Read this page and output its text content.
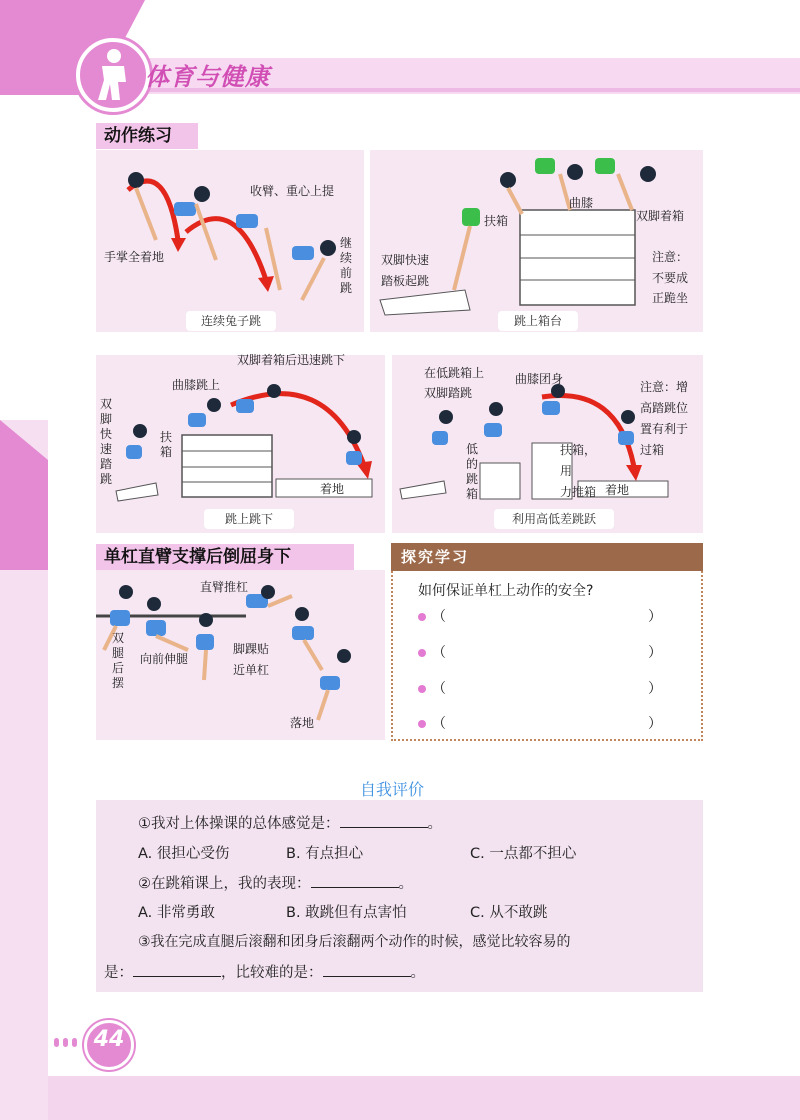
体育与健康
动作练习
收臂、重心上提
手掌全着地
继续前跳
连续兔子跳
曲膝
扶箱	双脚着箱
双脚快速
踏板起跳
注意：
不要成
正跪坐
跳上箱台
双脚着箱后迅速跳下
曲膝跳上
双脚快速踏跳
扶箱
着地
跳上跳下
在低跳箱上
双脚踏跳
曲膝团身
注意：增
高踏跳位
置有利于
过箱
低的跳箱
扶箱，用
力推箱 着地
利用高低差跳跃
单杠直臂支撑后倒屈身下
直臂推杠
双腿后摆
向前伸腿
脚踝贴
近单杠
落地
探究学习
如何保证单杠上动作的安全?
（	）
（	）
（	）
（	）
自我评价
①我对上体操课的总体感觉是：	。
A. 很担心受伤	B. 有点担心	C. 一点都不担心
②在跳箱课上，我的表现：	。
A. 非常勇敢	B. 敢跳但有点害怕	C. 从不敢跳
③我在完成直腿后滚翻和团身后滚翻两个动作的时候，感觉比较容易的
是：	，比较难的是：	。
44
